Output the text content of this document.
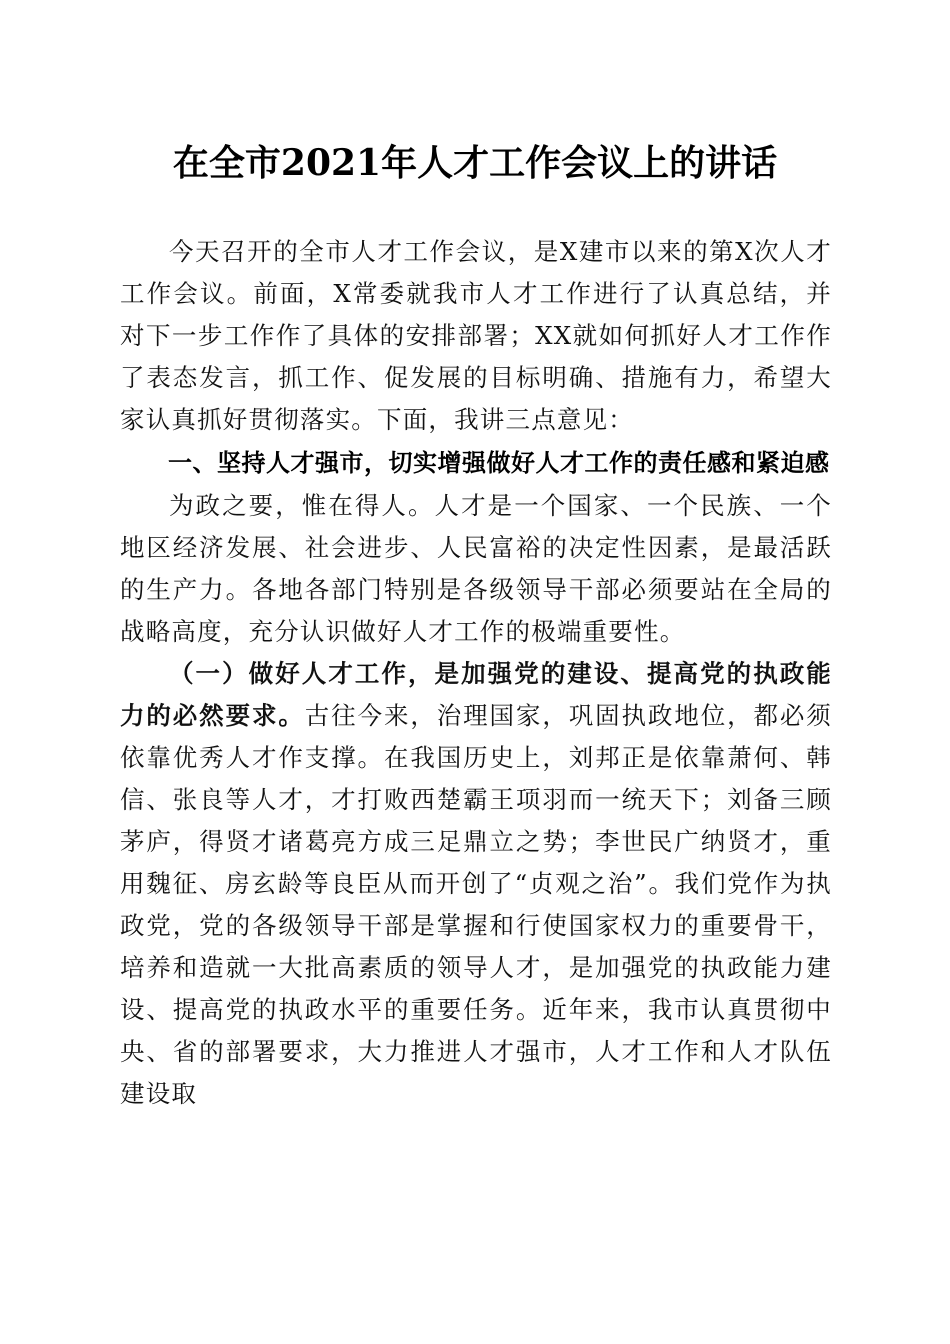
在全市2021年人才工作会议上的讲话

今天召开的全市人才工作会议，是X建市以来的第X次人才工作会议。前面，X常委就我市人才工作进行了认真总结，并对下一步工作作了具体的安排部署；XX就如何抓好人才工作作了表态发言，抓工作、促发展的目标明确、措施有力，希望大家认真抓好贯彻落实。下面，我讲三点意见：

一、坚持人才强市，切实增强做好人才工作的责任感和紧迫感

为政之要，惟在得人。人才是一个国家、一个民族、一个地区经济发展、社会进步、人民富裕的决定性因素，是最活跃的生产力。各地各部门特别是各级领导干部必须要站在全局的战略高度，充分认识做好人才工作的极端重要性。

（一）做好人才工作，是加强党的建设、提高党的执政能力的必然要求。古往今来，治理国家，巩固执政地位，都必须依靠优秀人才作支撑。在我国历史上，刘邦正是依靠萧何、韩信、张良等人才，才打败西楚霸王项羽而一统天下；刘备三顾茅庐，得贤才诸葛亮方成三足鼎立之势；李世民广纳贤才，重用魏征、房玄龄等良臣从而开创了“贞观之治”。我们党作为执政党，党的各级领导干部是掌握和行使国家权力的重要骨干，培养和造就一大批高素质的领导人才，是加强党的执政能力建设、提高党的执政水平的重要任务。近年来，我市认真贯彻中央、省的部署要求，大力推进人才强市，人才工作和人才队伍建设取
